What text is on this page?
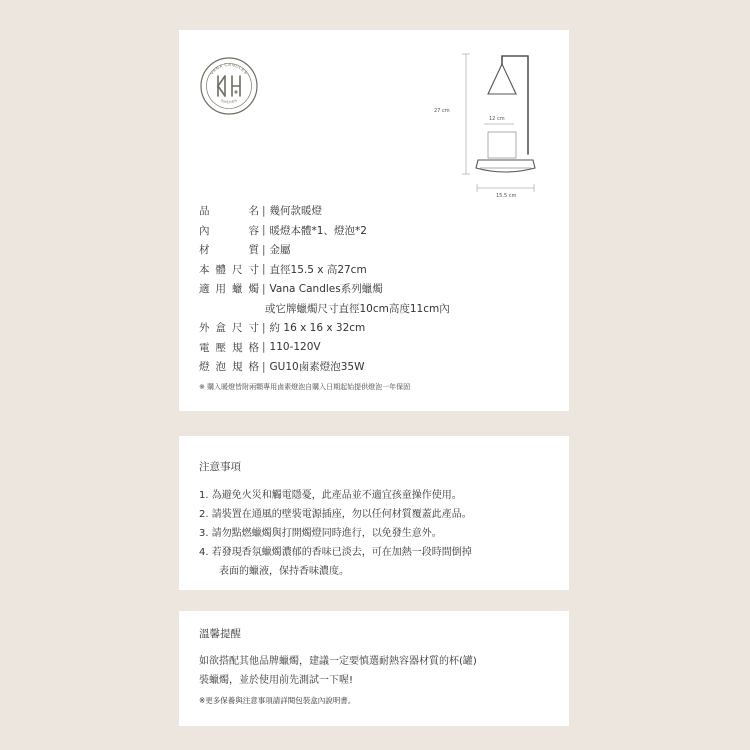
VANA CANDLES
SWEDEN
27 cm
12 cm
15.5 cm
品	名 | 幾何款暖燈
內	容 | 暖燈本體*1、燈泡*2
材	質 | 金屬
本 體 尺 寸 | 直徑15.5 x 高27cm
適 用 蠟 燭 | Vana Candles系列蠟燭
或它牌蠟燭尺寸直徑10cm高度11cm內
外 盒 尺 寸 | 約 16 x 16 x 32cm
電 壓 規 格 | 110-120V
燈 泡 規 格 | GU10鹵素燈泡35W
※ 購入暖燈皆附兩顆專用鹵素燈泡自購入日期起始提供燈泡一年保固
注意事項
1. 為避免火災和觸電隱憂，此產品並不適宜孩童操作使用。
2. 請裝置在通風的壁裝電源插座，勿以任何材質覆蓋此產品。
3. 請勿點燃蠟燭與打開燭燈同時進行，以免發生意外。
4. 若發現香氛蠟燭濃郁的香味已淡去，可在加熱一段時間倒掉
表面的蠟液，保持香味濃度。
溫馨提醒
如欲搭配其他品牌蠟燭，建議一定要慎選耐熱容器材質的杯(罐)
裝蠟燭，並於使用前先測試一下喔!
※更多保養與注意事項請詳閱包裝盒內說明書。
